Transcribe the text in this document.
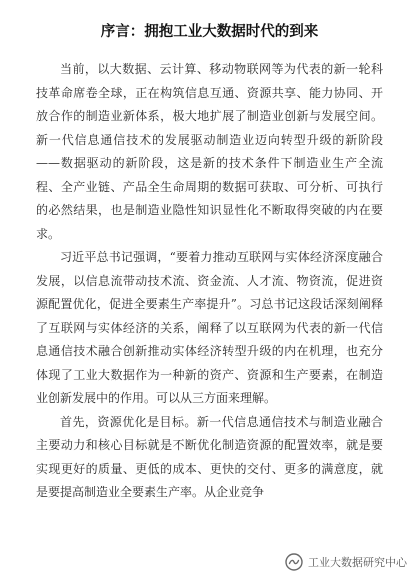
序言：拥抱工业大数据时代的到来

当前，以大数据、云计算、移动物联网等为代表的新一轮科技革命席卷全球，正在构筑信息互通、资源共享、能力协同、开放合作的制造业新体系，极大地扩展了制造业创新与发展空间。新一代信息通信技术的发展驱动制造业迈向转型升级的新阶段——数据驱动的新阶段，这是新的技术条件下制造业生产全流程、全产业链、产品全生命周期的数据可获取、可分析、可执行的必然结果，也是制造业隐性知识显性化不断取得突破的内在要求。

习近平总书记强调，“要着力推动互联网与实体经济深度融合发展，以信息流带动技术流、资金流、人才流、物资流，促进资源配置优化，促进全要素生产率提升”。习总书记这段话深刻阐释了互联网与实体经济的关系，阐释了以互联网为代表的新一代信息通信技术融合创新推动实体经济转型升级的内在机理，也充分体现了工业大数据作为一种新的资产、资源和生产要素，在制造业创新发展中的作用。可以从三方面来理解。

首先，资源优化是目标。新一代信息通信技术与制造业融合主要动力和核心目标就是不断优化制造资源的配置效率，就是要实现更好的质量、更低的成本、更快的交付、更多的满意度，就是要提高制造业全要素生产率。从企业竞争

工业大数据研究中心
